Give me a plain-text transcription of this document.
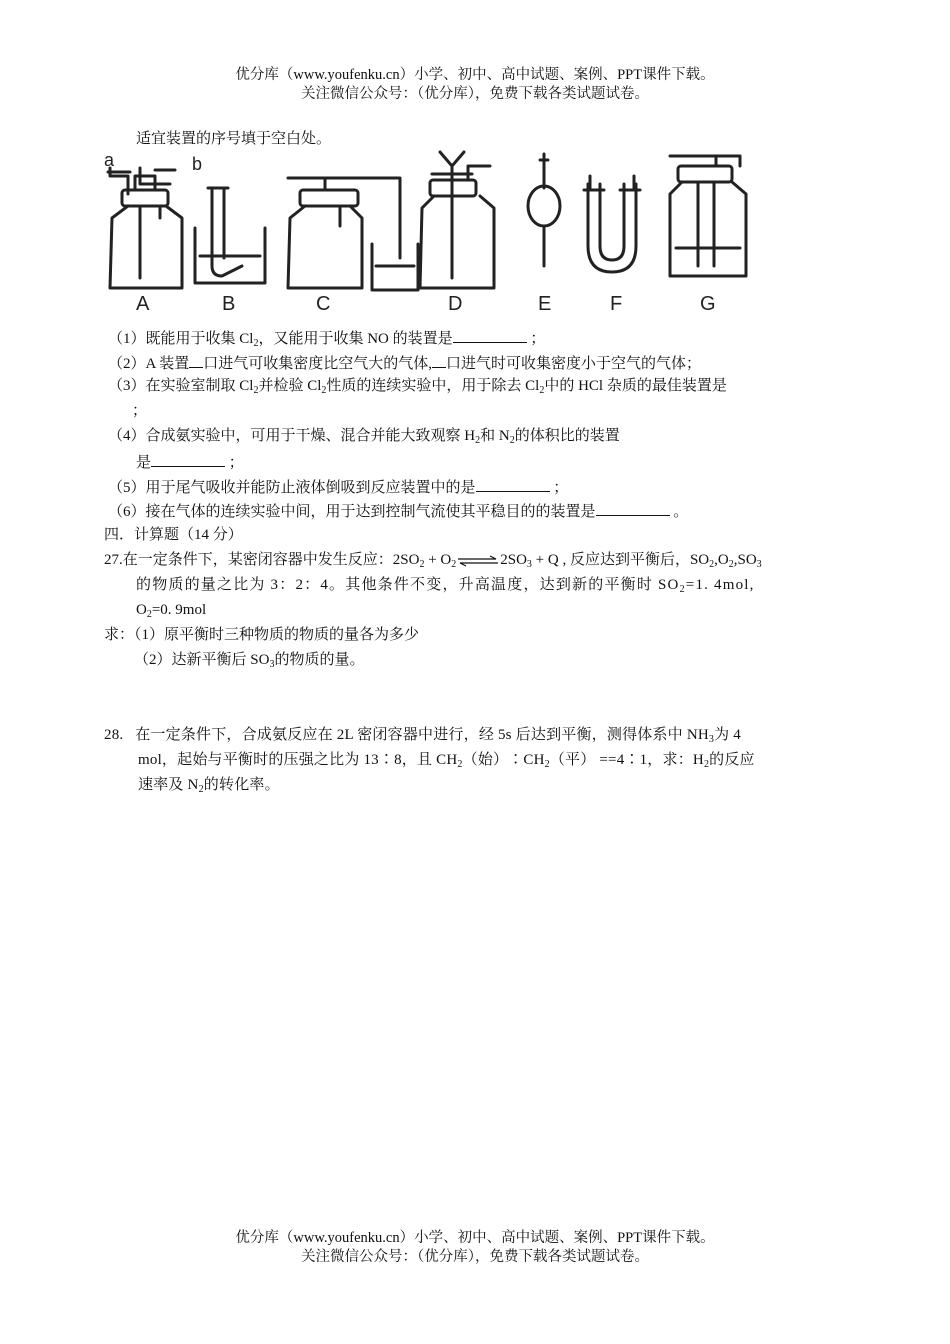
优分库（www.youfenku.cn）小学、初中、高中试题、案例、PPT课件下载。
关注微信公众号：（优分库），免费下载各类试题试卷。
适宜装置的序号填于空白处。
a	b
A	B	C	D	E	F	G
（1）既能用于收集 $Cl_2$，又能用于收集 NO 的装置是	；
（2）A 装置 口进气可收集密度比空气大的气体, 口进气时可收集密度小于空气的气体；
（3）在实验室制取 $Cl_2$并检验 $Cl_2$性质的连续实验中，用于除去 $Cl_2$中的 HCl 杂质的最佳装置是
；
（4）合成氨实验中，可用于干燥、混合并能大致观察 $H_2$和 $N_2$的体积比的装置
是	；
（5）用于尾气吸收并能防止液体倒吸到反应装置中的是	；
（6）接在气体的连续实验中间，用于达到控制气流使其平稳目的的装置是	。
四．计算题（14 分）
27.在一定条件下，某密闭容器中发生反应：$2SO_2$ + $O_2\rightleftharpoons 2SO_3 + Q$ , 反应达到平衡后，$SO_2,O_2,SO_3$
的物质的量之比为 3：2：4。其他条件不变，升高温度，达到新的平衡时 $SO_2=1$. 4mol,
$O_2=0$. 9mol
求：（1）原平衡时三种物质的物质的量各为多少
（2）达新平衡后 $SO_3$的物质的量。
28. 在一定条件下，合成氨反应在 2L 密闭容器中进行，经 5s 后达到平衡，测得体系中 $NH_3$为 4
mol，起始与平衡时的压强之比为 13∶8，且 $CH_2$（始）$∶CH_2$（平） ==4∶1，求：$H_2$的反应
速率及 $N_2$的转化率。
优分库（www.youfenku.cn）小学、初中、高中试题、案例、PPT课件下载。
关注微信公众号：（优分库），免费下载各类试题试卷。
